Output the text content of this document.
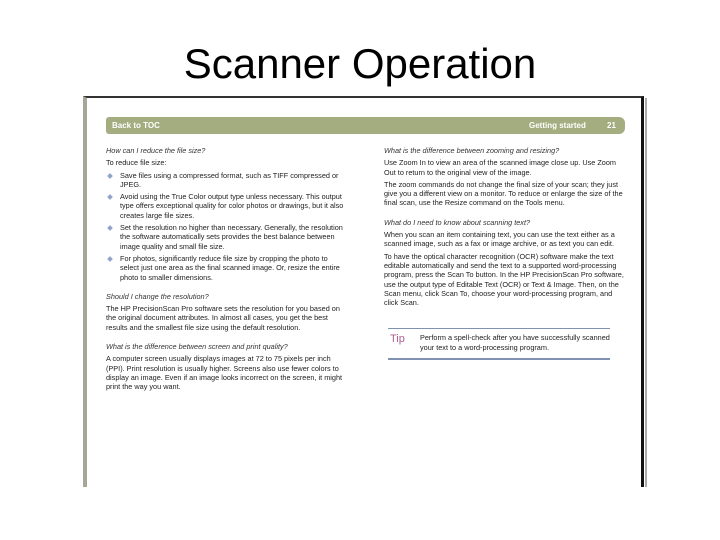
Scanner Operation
Back to TOC	Getting started	21
How can I reduce the file size?
To reduce file size:
Save files using a compressed format, such as TIFF compressed or JPEG.
Avoid using the True Color output type unless necessary. This output type offers exceptional quality for color photos or drawings, but it also creates large file sizes.
Set the resolution no higher than necessary. Generally, the resolution the software automatically sets provides the best balance between image quality and small file size.
For photos, significantly reduce file size by cropping the photo to select just one area as the final scanned image. Or, resize the entire photo to smaller dimensions.
Should I change the resolution?
The HP PrecisionScan Pro software sets the resolution for you based on the original document attributes. In almost all cases, you get the best results and the smallest file size using the default resolution.
What is the difference between screen and print quality?
A computer screen usually displays images at 72 to 75 pixels per inch (PPI). Print resolution is usually higher. Screens also use fewer colors to display an image. Even if an image looks incorrect on the screen, it might print the way you want.
What is the difference between zooming and resizing?
Use Zoom In to view an area of the scanned image close up. Use Zoom Out to return to the original view of the image.
The zoom commands do not change the final size of your scan; they just give you a different view on a monitor. To reduce or enlarge the size of the final scan, use the Resize command on the Tools menu.
What do I need to know about scanning text?
When you scan an item containing text, you can use the text either as a scanned image, such as a fax or image archive, or as text you can edit.
To have the optical character recognition (OCR) software make the text editable automatically and send the text to a supported word-processing program, press the Scan To button. In the HP PrecisionScan Pro software, use the output type of Editable Text (OCR) or Text & Image. Then, on the Scan menu, click Scan To, choose your word-processing program, and click Scan.
Tip	Perform a spell-check after you have successfully scanned your text to a word-processing program.
